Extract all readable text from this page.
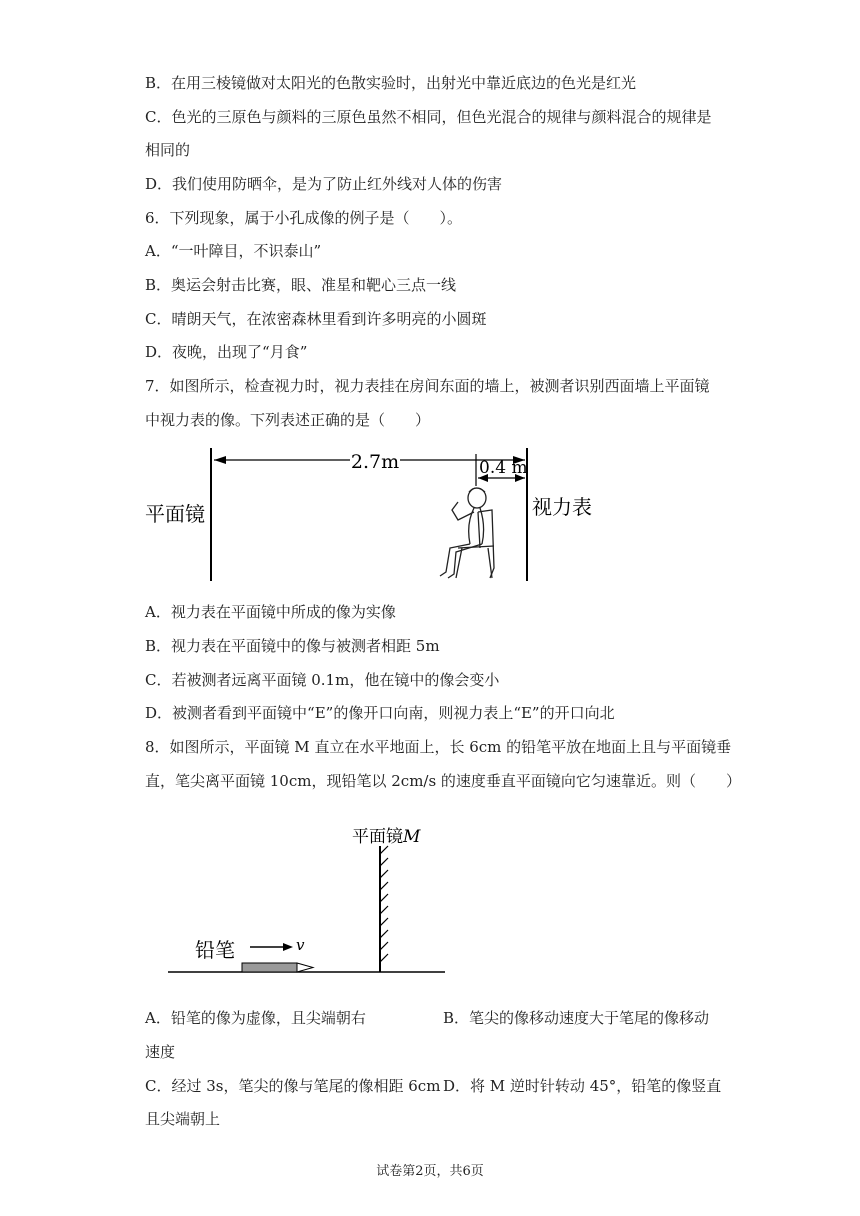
B．在用三棱镜做对太阳光的色散实验时，出射光中靠近底边的色光是红光
C．色光的三原色与颜料的三原色虽然不相同，但色光混合的规律与颜料混合的规律是
相同的
D．我们使用防晒伞，是为了防止红外线对人体的伤害
6．下列现象，属于小孔成像的例子是（　　）。
A．“一叶障目，不识泰山”
B．奥运会射击比赛，眼、准星和靶心三点一线
C．晴朗天气，在浓密森林里看到许多明亮的小圆斑
D．夜晚，出现了“月食”
7．如图所示，检查视力时，视力表挂在房间东面的墙上，被测者识别西面墙上平面镜
中视力表的像。下列表述正确的是（　　）
2.7m	0.4 m
平面镜	视力表
A．视力表在平面镜中所成的像为实像
B．视力表在平面镜中的像与被测者相距 5m
C．若被测者远离平面镜 0.1m，他在镜中的像会变小
D．被测者看到平面镜中“E”的像开口向南，则视力表上“E”的开口向北
8．如图所示，平面镜 M 直立在水平地面上，长 6cm 的铅笔平放在地面上且与平面镜垂
直，笔尖离平面镜 10cm，现铅笔以 2cm/s 的速度垂直平面镜向它匀速靠近。则（　　）
平面镜M
铅笔	v
A．铅笔的像为虚像，且尖端朝右	B．笔尖的像移动速度大于笔尾的像移动
速度
C．经过 3s，笔尖的像与笔尾的像相距 6cm D．将 M 逆时针转动 45°，铅笔的像竖直
且尖端朝上
试卷第2页，共6页
